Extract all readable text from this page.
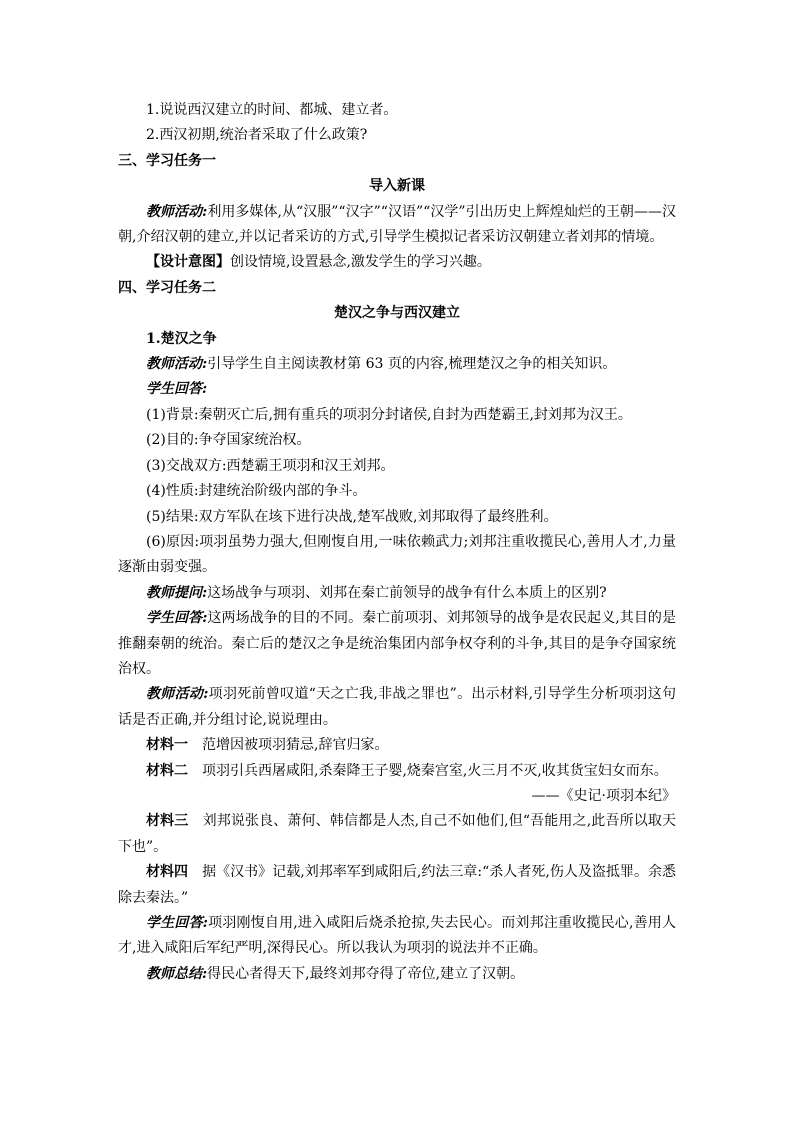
1.说说西汉建立的时间、都城、建立者。

2.西汉初期,统治者采取了什么政策?

三、学习任务一

导入新课

教师活动:利用多媒体,从“汉服”“汉字”“汉语”“汉学”引出历史上辉煌灿烂的王朝——汉朝,介绍汉朝的建立,并以记者采访的方式,引导学生模拟记者采访汉朝建立者刘邦的情境。

【设计意图】创设情境,设置悬念,激发学生的学习兴趣。

四、学习任务二

楚汉之争与西汉建立

1.楚汉之争

教师活动:引导学生自主阅读教材第 63 页的内容,梳理楚汉之争的相关知识。

学生回答:

(1)背景:秦朝灭亡后,拥有重兵的项羽分封诸侯,自封为西楚霸王,封刘邦为汉王。

(2)目的:争夺国家统治权。

(3)交战双方:西楚霸王项羽和汉王刘邦。

(4)性质:封建统治阶级内部的争斗。

(5)结果:双方军队在垓下进行决战,楚军战败,刘邦取得了最终胜利。

(6)原因:项羽虽势力强大,但刚愎自用,一味依赖武力;刘邦注重收揽民心,善用人才,力量逐渐由弱变强。

教师提问:这场战争与项羽、刘邦在秦亡前领导的战争有什么本质上的区别?

学生回答:这两场战争的目的不同。秦亡前项羽、刘邦领导的战争是农民起义,其目的是推翻秦朝的统治。秦亡后的楚汉之争是统治集团内部争权夺利的斗争,其目的是争夺国家统治权。

教师活动:项羽死前曾叹道“天之亡我,非战之罪也”。出示材料,引导学生分析项羽这句话是否正确,并分组讨论,说说理由。

材料一 范增因被项羽猜忌,辞官归家。

材料二 项羽引兵西屠咸阳,杀秦降王子婴,烧秦宫室,火三月不灭,收其货宝妇女而东。

——《史记·项羽本纪》

材料三 刘邦说张良、萧何、韩信都是人杰,自己不如他们,但“吾能用之,此吾所以取天下也”。

材料四 据《汉书》记载,刘邦率军到咸阳后,约法三章:“杀人者死,伤人及盗抵罪。余悉除去秦法。”

学生回答:项羽刚愎自用,进入咸阳后烧杀抢掠,失去民心。而刘邦注重收揽民心,善用人才,进入咸阳后军纪严明,深得民心。所以我认为项羽的说法并不正确。

教师总结:得民心者得天下,最终刘邦夺得了帝位,建立了汉朝。
